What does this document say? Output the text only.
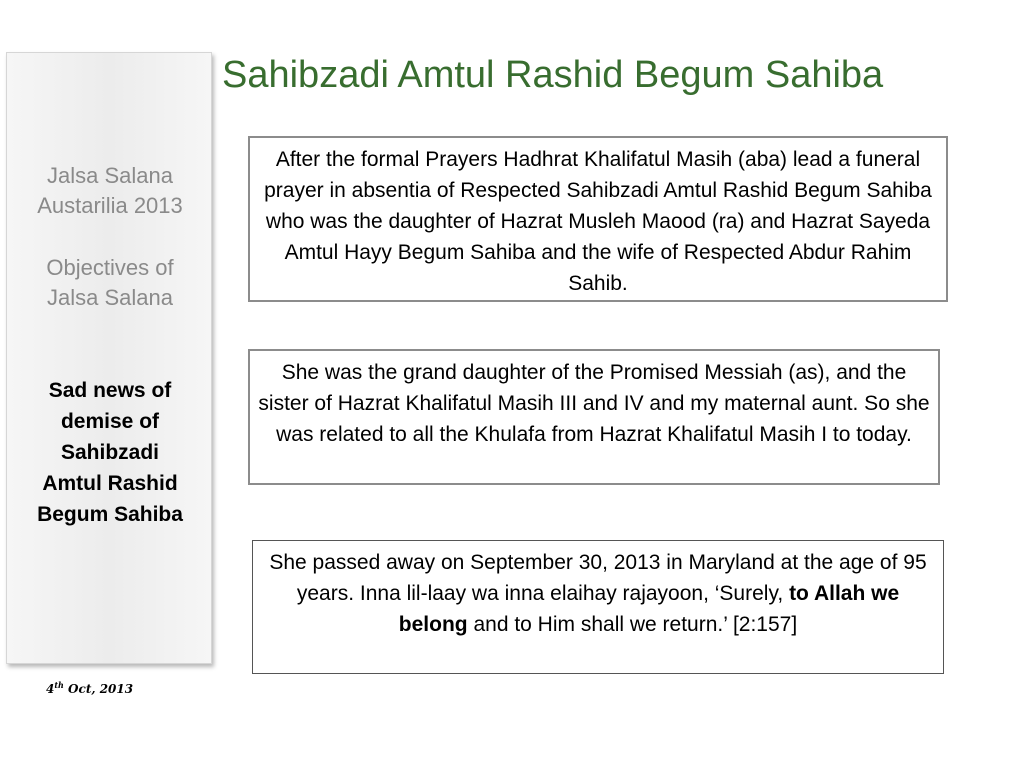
Jalsa Salana
Austarilia 2013
Objectives of
Jalsa Salana
Sad news of
demise of
Sahibzadi
Amtul Rashid
Begum Sahiba
4th Oct, 2013
Sahibzadi Amtul Rashid Begum Sahiba
After the formal Prayers Hadhrat Khalifatul Masih (aba) lead a funeral prayer in absentia of Respected Sahibzadi Amtul Rashid Begum Sahiba who was the daughter of Hazrat Musleh Maood (ra) and Hazrat Sayeda Amtul Hayy Begum Sahiba and the wife of Respected Abdur Rahim Sahib.
She was the grand daughter of the Promised Messiah (as), and the sister of Hazrat Khalifatul Masih III and IV and my maternal aunt. So she was related to all the Khulafa from Hazrat Khalifatul Masih I to today.
She passed away on September 30, 2013 in Maryland at the age of 95 years. Inna lil-laay wa inna elaihay rajayoon, ‘Surely, to Allah we belong and to Him shall we return.’ [2:157]
